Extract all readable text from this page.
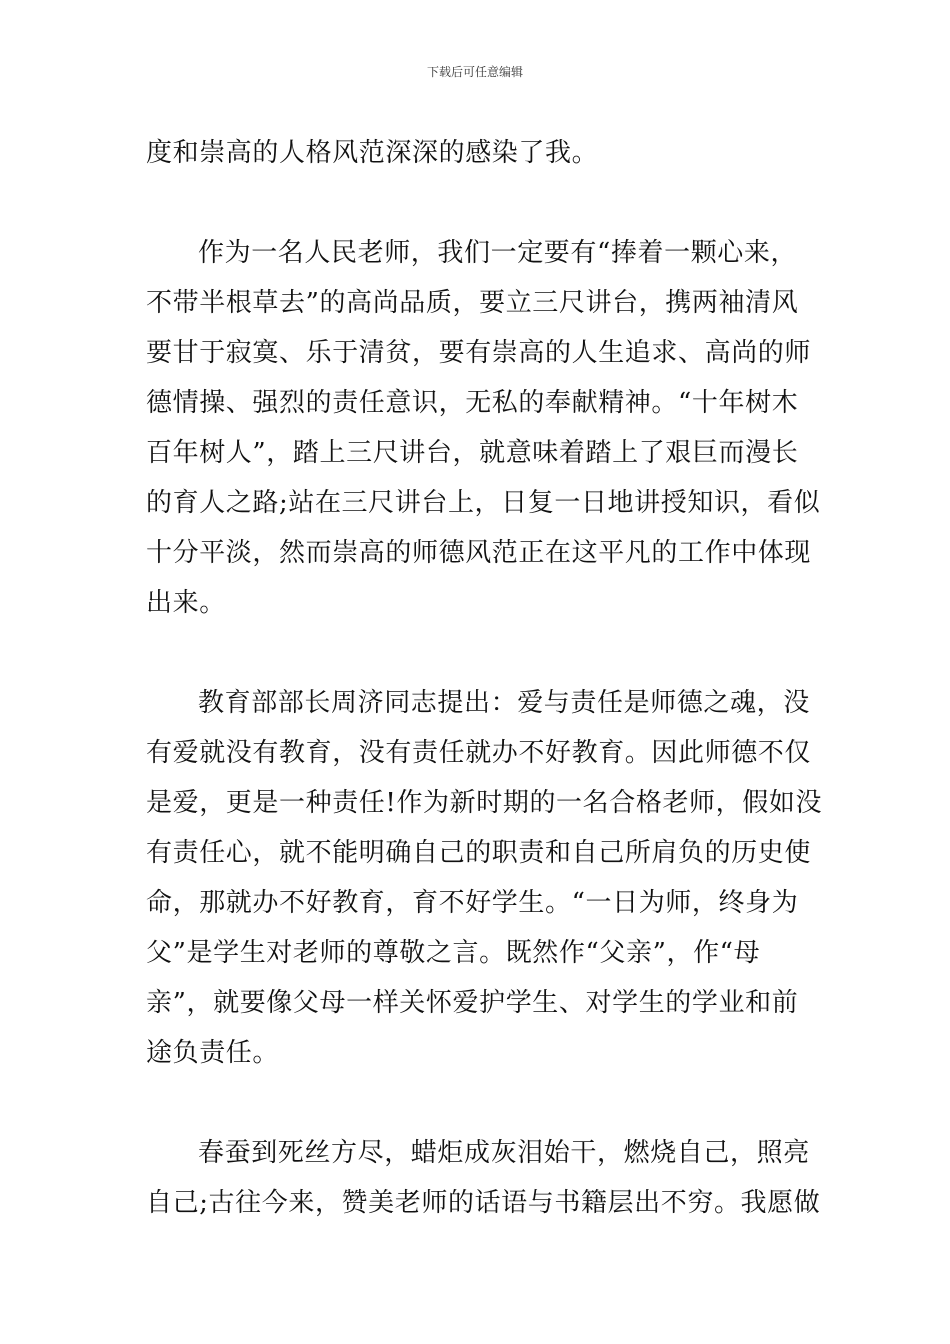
下载后可任意编辑
度和崇高的人格风范深深的感染了我。
作为一名人民老师，我们一定要有“捧着一颗心来，
不带半根草去”的高尚品质，要立三尺讲台，携两袖清风
要甘于寂寞、乐于清贫，要有崇高的人生追求、高尚的师
德情操、强烈的责任意识，无私的奉献精神。“十年树木
百年树人”，踏上三尺讲台，就意味着踏上了艰巨而漫长
的育人之路;站在三尺讲台上，日复一日地讲授知识，看似
十分平淡，然而崇高的师德风范正在这平凡的工作中体现
出来。
教育部部长周济同志提出：爱与责任是师德之魂，没
有爱就没有教育，没有责任就办不好教育。因此师德不仅
是爱，更是一种责任!作为新时期的一名合格老师，假如没
有责任心，就不能明确自己的职责和自己所肩负的历史使
命，那就办不好教育，育不好学生。“一日为师，终身为
父”是学生对老师的尊敬之言。既然作“父亲”，作“母
亲”，就要像父母一样关怀爱护学生、对学生的学业和前
途负责任。
春蚕到死丝方尽，蜡炬成灰泪始干，燃烧自己，照亮
自己;古往今来，赞美老师的话语与书籍层出不穷。我愿做
